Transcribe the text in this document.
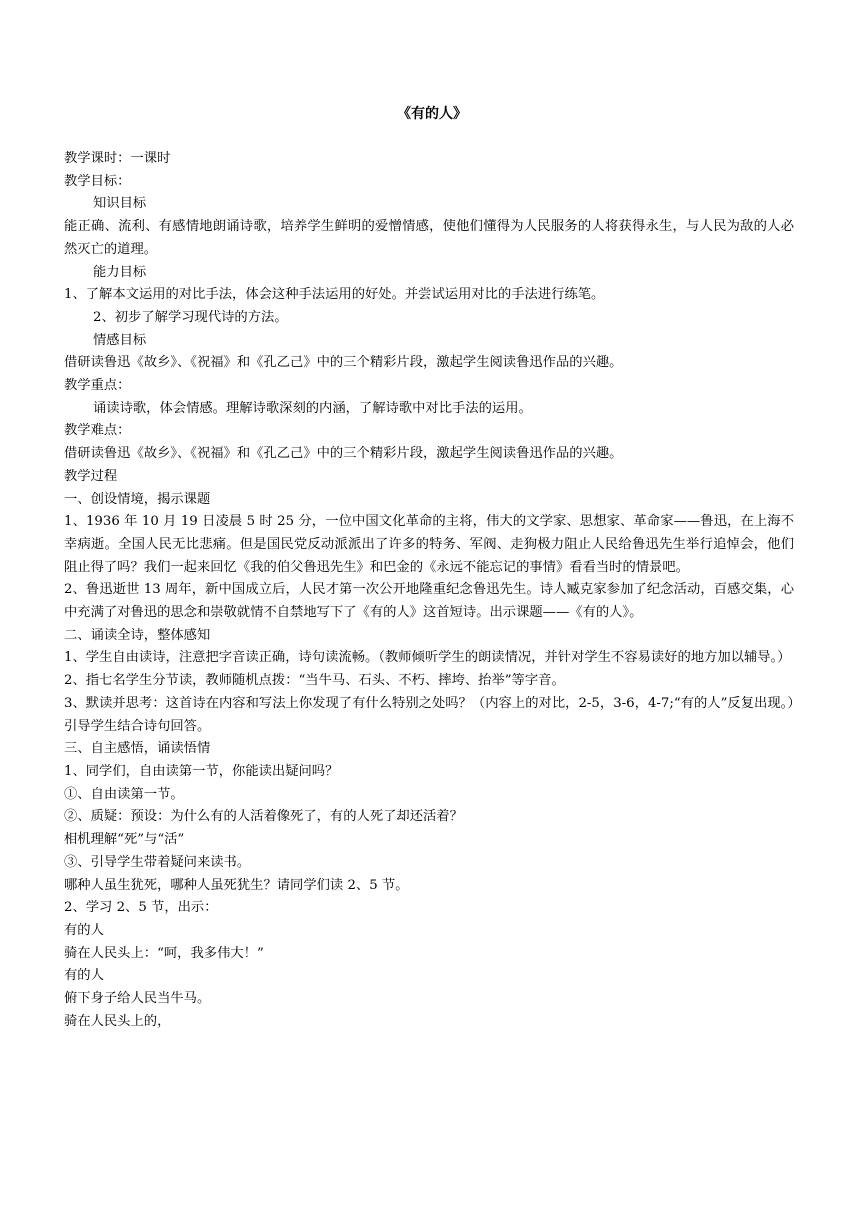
《有的人》

教学课时：一课时

教学目标：

知识目标

能正确、流利、有感情地朗诵诗歌，培养学生鲜明的爱憎情感，使他们懂得为人民服务的人将获得永生，与人民为敌的人必然灭亡的道理。

能力目标

1、了解本文运用的对比手法，体会这种手法运用的好处。并尝试运用对比的手法进行练笔。

2、初步了解学习现代诗的方法。

情感目标

借研读鲁迅《故乡》、《祝福》和《孔乙己》中的三个精彩片段，激起学生阅读鲁迅作品的兴趣。

教学重点：

诵读诗歌，体会情感。理解诗歌深刻的内涵，了解诗歌中对比手法的运用。

教学难点：

借研读鲁迅《故乡》、《祝福》和《孔乙己》中的三个精彩片段，激起学生阅读鲁迅作品的兴趣。

教学过程

一、创设情境，揭示课题

1、1936 年 10 月 19 日凌晨 5 时 25 分，一位中国文化革命的主将，伟大的文学家、思想家、革命家——鲁迅，在上海不幸病逝。全国人民无比悲痛。但是国民党反动派派出了许多的特务、军阀、走狗极力阻止人民给鲁迅先生举行追悼会，他们阻止得了吗？我们一起来回忆《我的伯父鲁迅先生》和巴金的《永远不能忘记的事情》看看当时的情景吧。

2、鲁迅逝世 13 周年，新中国成立后，人民才第一次公开地隆重纪念鲁迅先生。诗人臧克家参加了纪念活动，百感交集，心中充满了对鲁迅的思念和崇敬就情不自禁地写下了《有的人》这首短诗。出示课题——《有的人》。

二、诵读全诗，整体感知

1、学生自由读诗，注意把字音读正确，诗句读流畅。（教师倾听学生的朗读情况，并针对学生不容易读好的地方加以辅导。）

2、指七名学生分节读，教师随机点拨：“当牛马、石头、不朽、摔垮、抬举”等字音。

3、默读并思考：这首诗在内容和写法上你发现了有什么特别之处吗？（内容上的对比，2-5，3-6，4-7;“有的人”反复出现。）引导学生结合诗句回答。

三、自主感悟，诵读悟情

1、同学们，自由读第一节，你能读出疑问吗？

①、自由读第一节。

②、质疑：预设：为什么有的人活着像死了，有的人死了却还活着？

相机理解“死”与“活”

③、引导学生带着疑问来读书。

哪种人虽生犹死，哪种人虽死犹生？请同学们读 2、5 节。

2、学习 2、5 节，出示：

有的人

骑在人民头上：“呵，我多伟大！”

有的人

俯下身子给人民当牛马。

骑在人民头上的，
